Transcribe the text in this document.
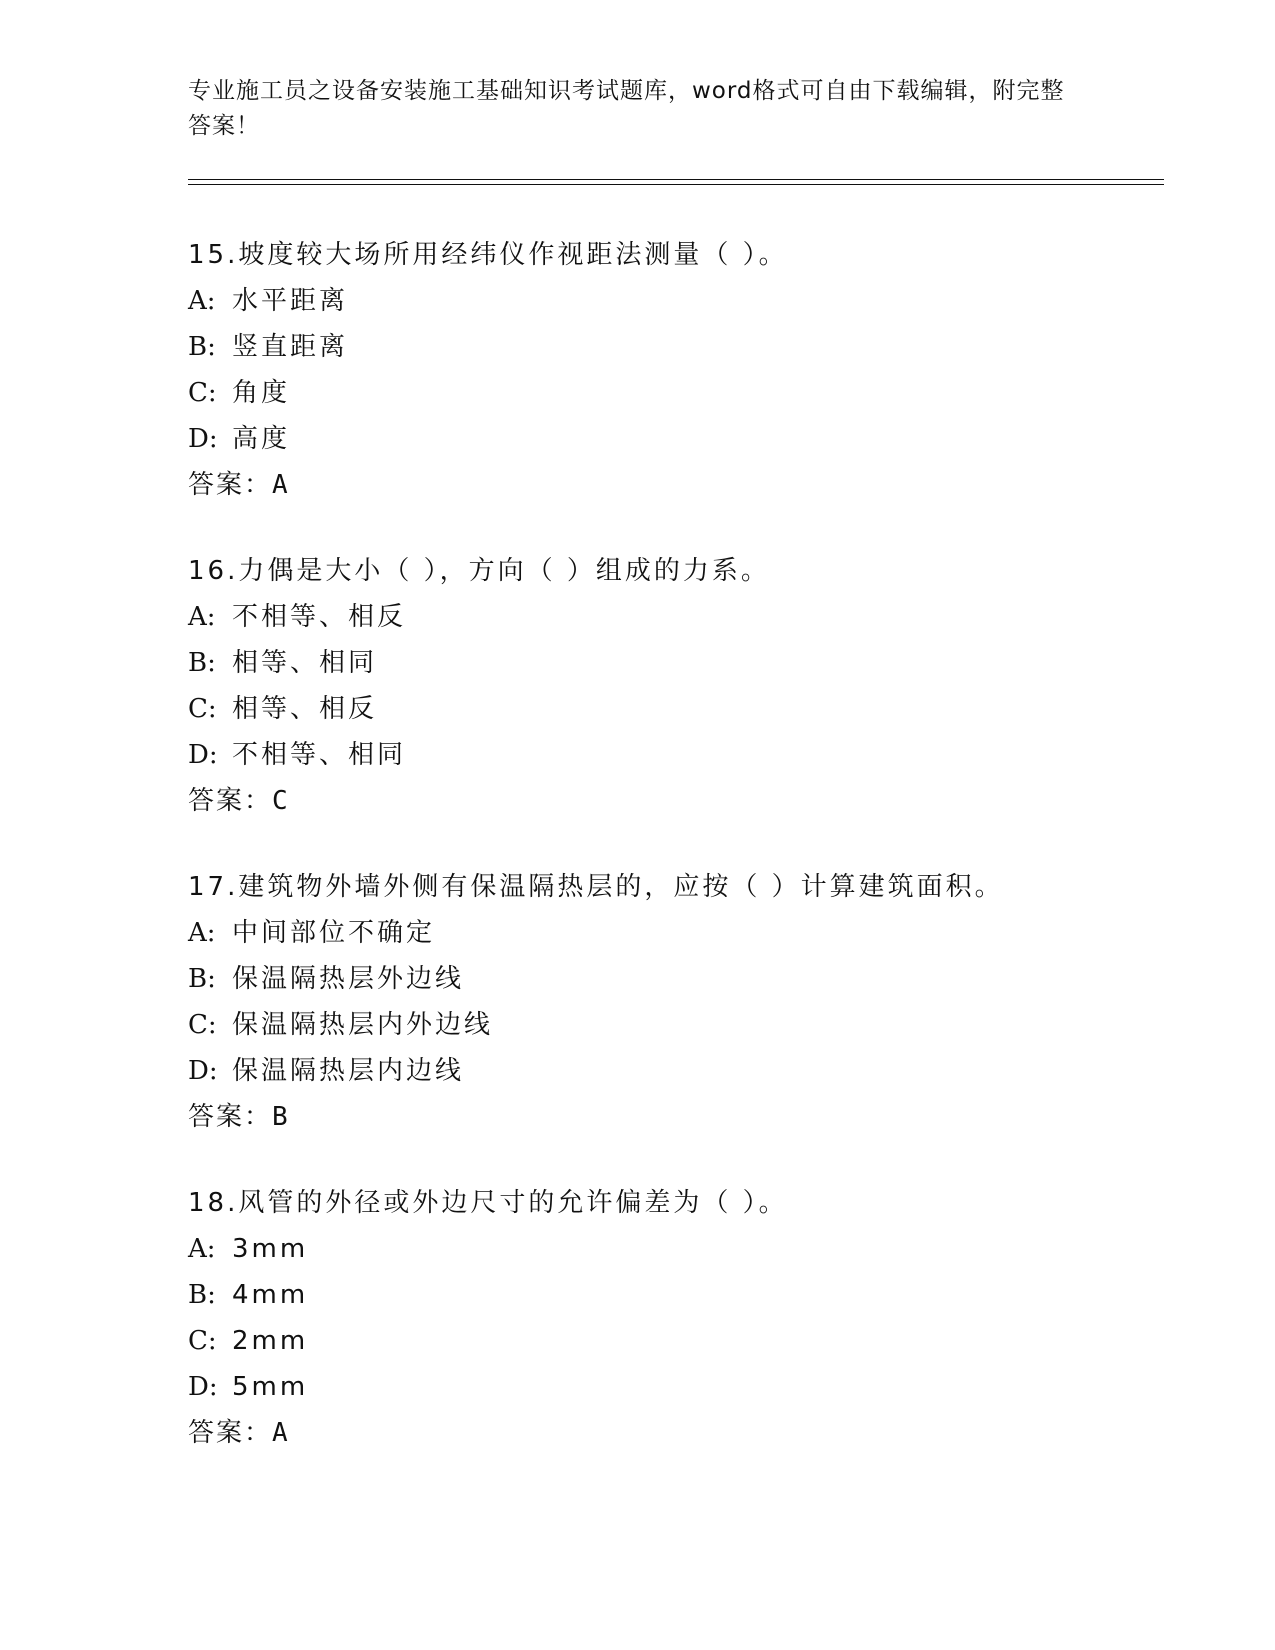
专业施工员之设备安装施工基础知识考试题库，word格式可自由下载编辑，附完整答案！
15.坡度较大场所用经纬仪作视距法测量（ ）。
A: 水平距离
B: 竖直距离
C: 角度
D: 高度
答案：A
16.力偶是大小（ ），方向（ ）组成的力系。
A: 不相等、相反
B: 相等、相同
C: 相等、相反
D: 不相等、相同
答案：C
17.建筑物外墙外侧有保温隔热层的，应按（ ）计算建筑面积。
A: 中间部位不确定
B: 保温隔热层外边线
C: 保温隔热层内外边线
D: 保温隔热层内边线
答案：B
18.风管的外径或外边尺寸的允许偏差为（ ）。
A: 3mm
B: 4mm
C: 2mm
D: 5mm
答案：A
